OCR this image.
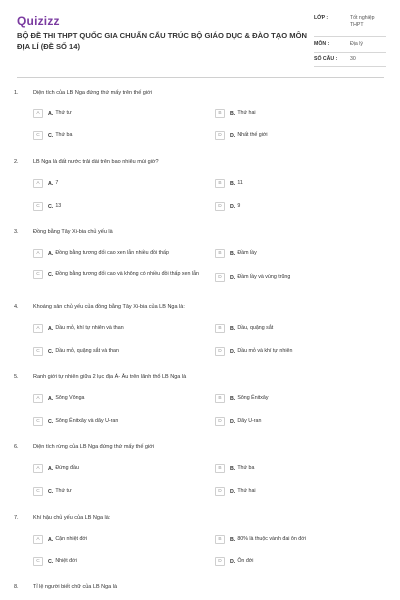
Quizizz
BỘ ĐỀ THI THPT QUỐC GIA CHUẨN CẤU TRÚC BỘ GIÁO DỤC & ĐÀO TẠO MÔN ĐỊA LÍ (ĐỀ SỐ 14)
LỚP :	Tốt nghiệp THPT
MÔN :	Địa lý
SỐ CÂU :	30
1.	Diện tích của LB Nga đứng thứ mấy trên thế giới
A	A. Thứ tư	B	B. Thứ hai
C	C. Thứ ba	D	D. Nhất thế giới
2.	LB Nga là đất nước trải dài trên bao nhiêu múi giờ?
A	A. 7	B	B. 11
C	C. 13	D	D. 9
3.	Đồng bằng Tây Xi-bia chủ yếu là
A	A. Đồng bằng tương đối cao xen lẫn nhiều đồi thấp	B	B. Đầm lầy
C	C. Đồng bằng tương đối cao và không có nhiều đồi thấp xen lẫn
D	D. Đầm lầy và vùng trũng
4.	Khoáng sản chủ yếu của đồng bằng Tây Xi-bia của LB Nga là:
A	A. Dầu mỏ, khí tự nhiên và than	B	B. Dầu, quặng sắt
C	C. Dầu mỏ, quặng sắt và than	D	D. Dầu mỏ và khí tự nhiên
5.	Ranh giới tự nhiên giữa 2 lục địa Á- Âu trên lãnh thổ LB Nga là
A	A. Sông Vônga	B	B. Sông Ênitxây
C	C. Sông Ênitxây và dãy U-ran	D	D. Dãy U-ran
6.	Diện tích rừng của LB Nga đứng thứ mấy thế giới
A	A. Đứng đầu	B	B. Thứ ba
C	C. Thứ tư	D	D. Thứ hai
7.	Khí hậu chủ yếu của LB Nga là:
A	A. Cận nhiệt đới	B	B. 80% là thuộc vành đai ôn đới
C	C. Nhiệt đới	D	D. Ôn đới
8.	Tỉ lệ người biết chữ của LB Nga là
